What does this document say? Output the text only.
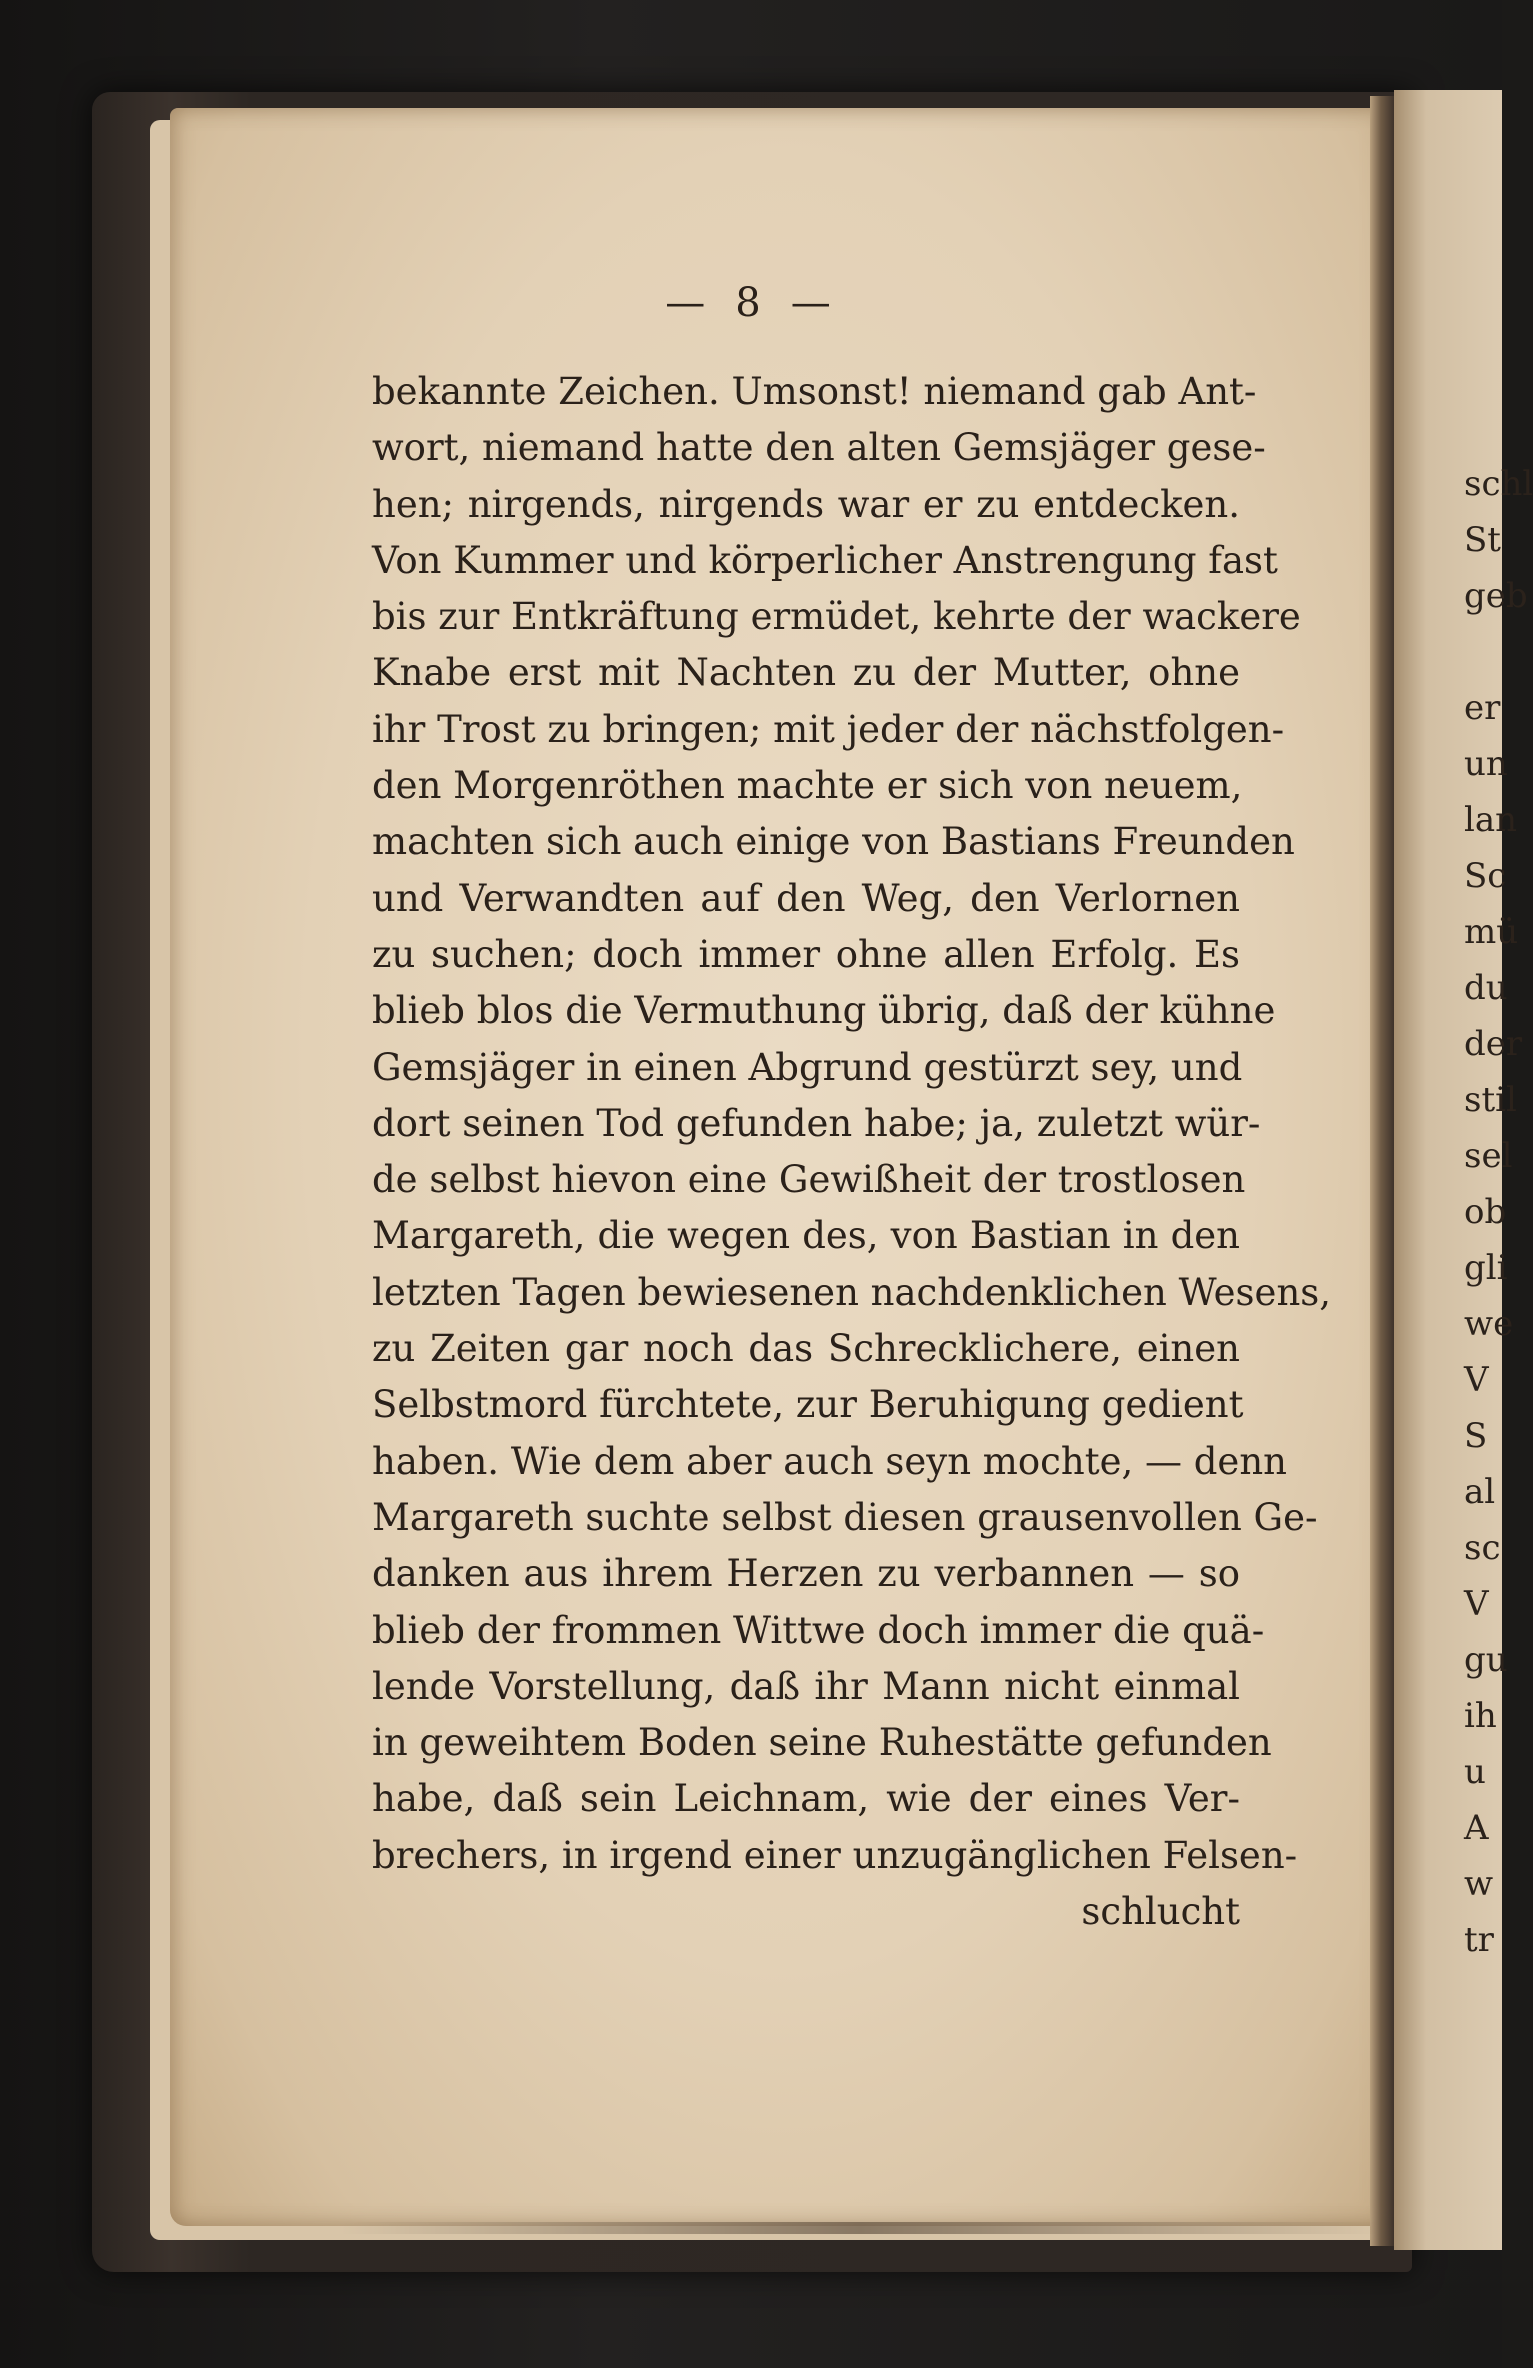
schl
St
geb
er
un
lan
Sc
mü
du
der
stil
sel
ob
gli
we
V
S
al
sc
V
gu
ih
u
A
w
tr
— 8 —
bekannte Zeichen. Umsonst! niemand gab Ant-
wort, niemand hatte den alten Gemsjäger gese-
hen; nirgends, nirgends war er zu entdecken.
Von Kummer und körperlicher Anstrengung fast
bis zur Entkräftung ermüdet, kehrte der wackere
Knabe erst mit Nachten zu der Mutter, ohne
ihr Trost zu bringen; mit jeder der nächstfolgen-
den Morgenröthen machte er sich von neuem,
machten sich auch einige von Bastians Freunden
und Verwandten auf den Weg, den Verlornen
zu suchen; doch immer ohne allen Erfolg. Es
blieb blos die Vermuthung übrig, daß der kühne
Gemsjäger in einen Abgrund gestürzt sey, und
dort seinen Tod gefunden habe; ja, zuletzt wür-
de selbst hievon eine Gewißheit der trostlosen
Margareth, die wegen des, von Bastian in den
letzten Tagen bewiesenen nachdenklichen Wesens,
zu Zeiten gar noch das Schrecklichere, einen
Selbstmord fürchtete, zur Beruhigung gedient
haben. Wie dem aber auch seyn mochte, — denn
Margareth suchte selbst diesen grausenvollen Ge-
danken aus ihrem Herzen zu verbannen — so
blieb der frommen Wittwe doch immer die quä-
lende Vorstellung, daß ihr Mann nicht einmal
in geweihtem Boden seine Ruhestätte gefunden
habe, daß sein Leichnam, wie der eines Ver-
brechers, in irgend einer unzugänglichen Felsen-
schlucht
